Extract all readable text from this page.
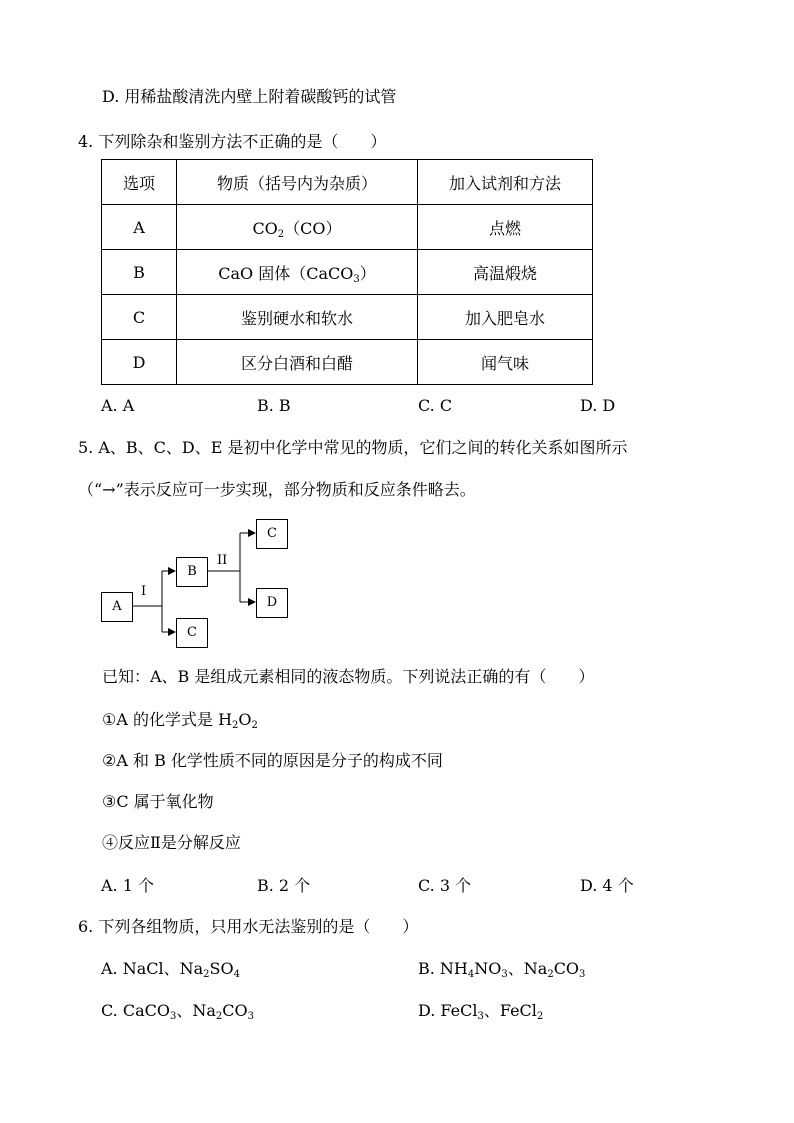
D. 用稀盐酸清洗内壁上附着碳酸钙的试管
4. 下列除杂和鉴别方法不正确的是（　　）
选项	物质（括号内为杂质）	加入试剂和方法
A	$CO_2(CO)$	点燃
B	CaO 固体（CaCO$_3$）	高温煅烧
C	鉴别硬水和软水	加入肥皂水
D	区分白酒和白醋	闻气味
A. A	B. B	C. C	D. D
5. A、B、C、D、E 是初中化学中常见的物质，它们之间的转化关系如图所示
（“→”表示反应可一步实现，部分物质和反应条件略去。
A
B
C
D
C
I
II
已知：A、B 是组成元素相同的液态物质。下列说法正确的有（　　）
①A 的化学式是 $H_2O_2$
②A 和 B 化学性质不同的原因是分子的构成不同
③C 属于氧化物
④反应Ⅱ是分解反应
A. 1 个	B. 2 个	C. 3 个	D. 4 个
6. 下列各组物质，只用水无法鉴别的是（　　）
A. NaCl、$Na_2SO_4$	B. $NH_4NO_3$、$Na_2CO_3$
C. CaCO$_3$、$Na_2CO_3$	D. FeCl$_3$、FeCl$_2$
